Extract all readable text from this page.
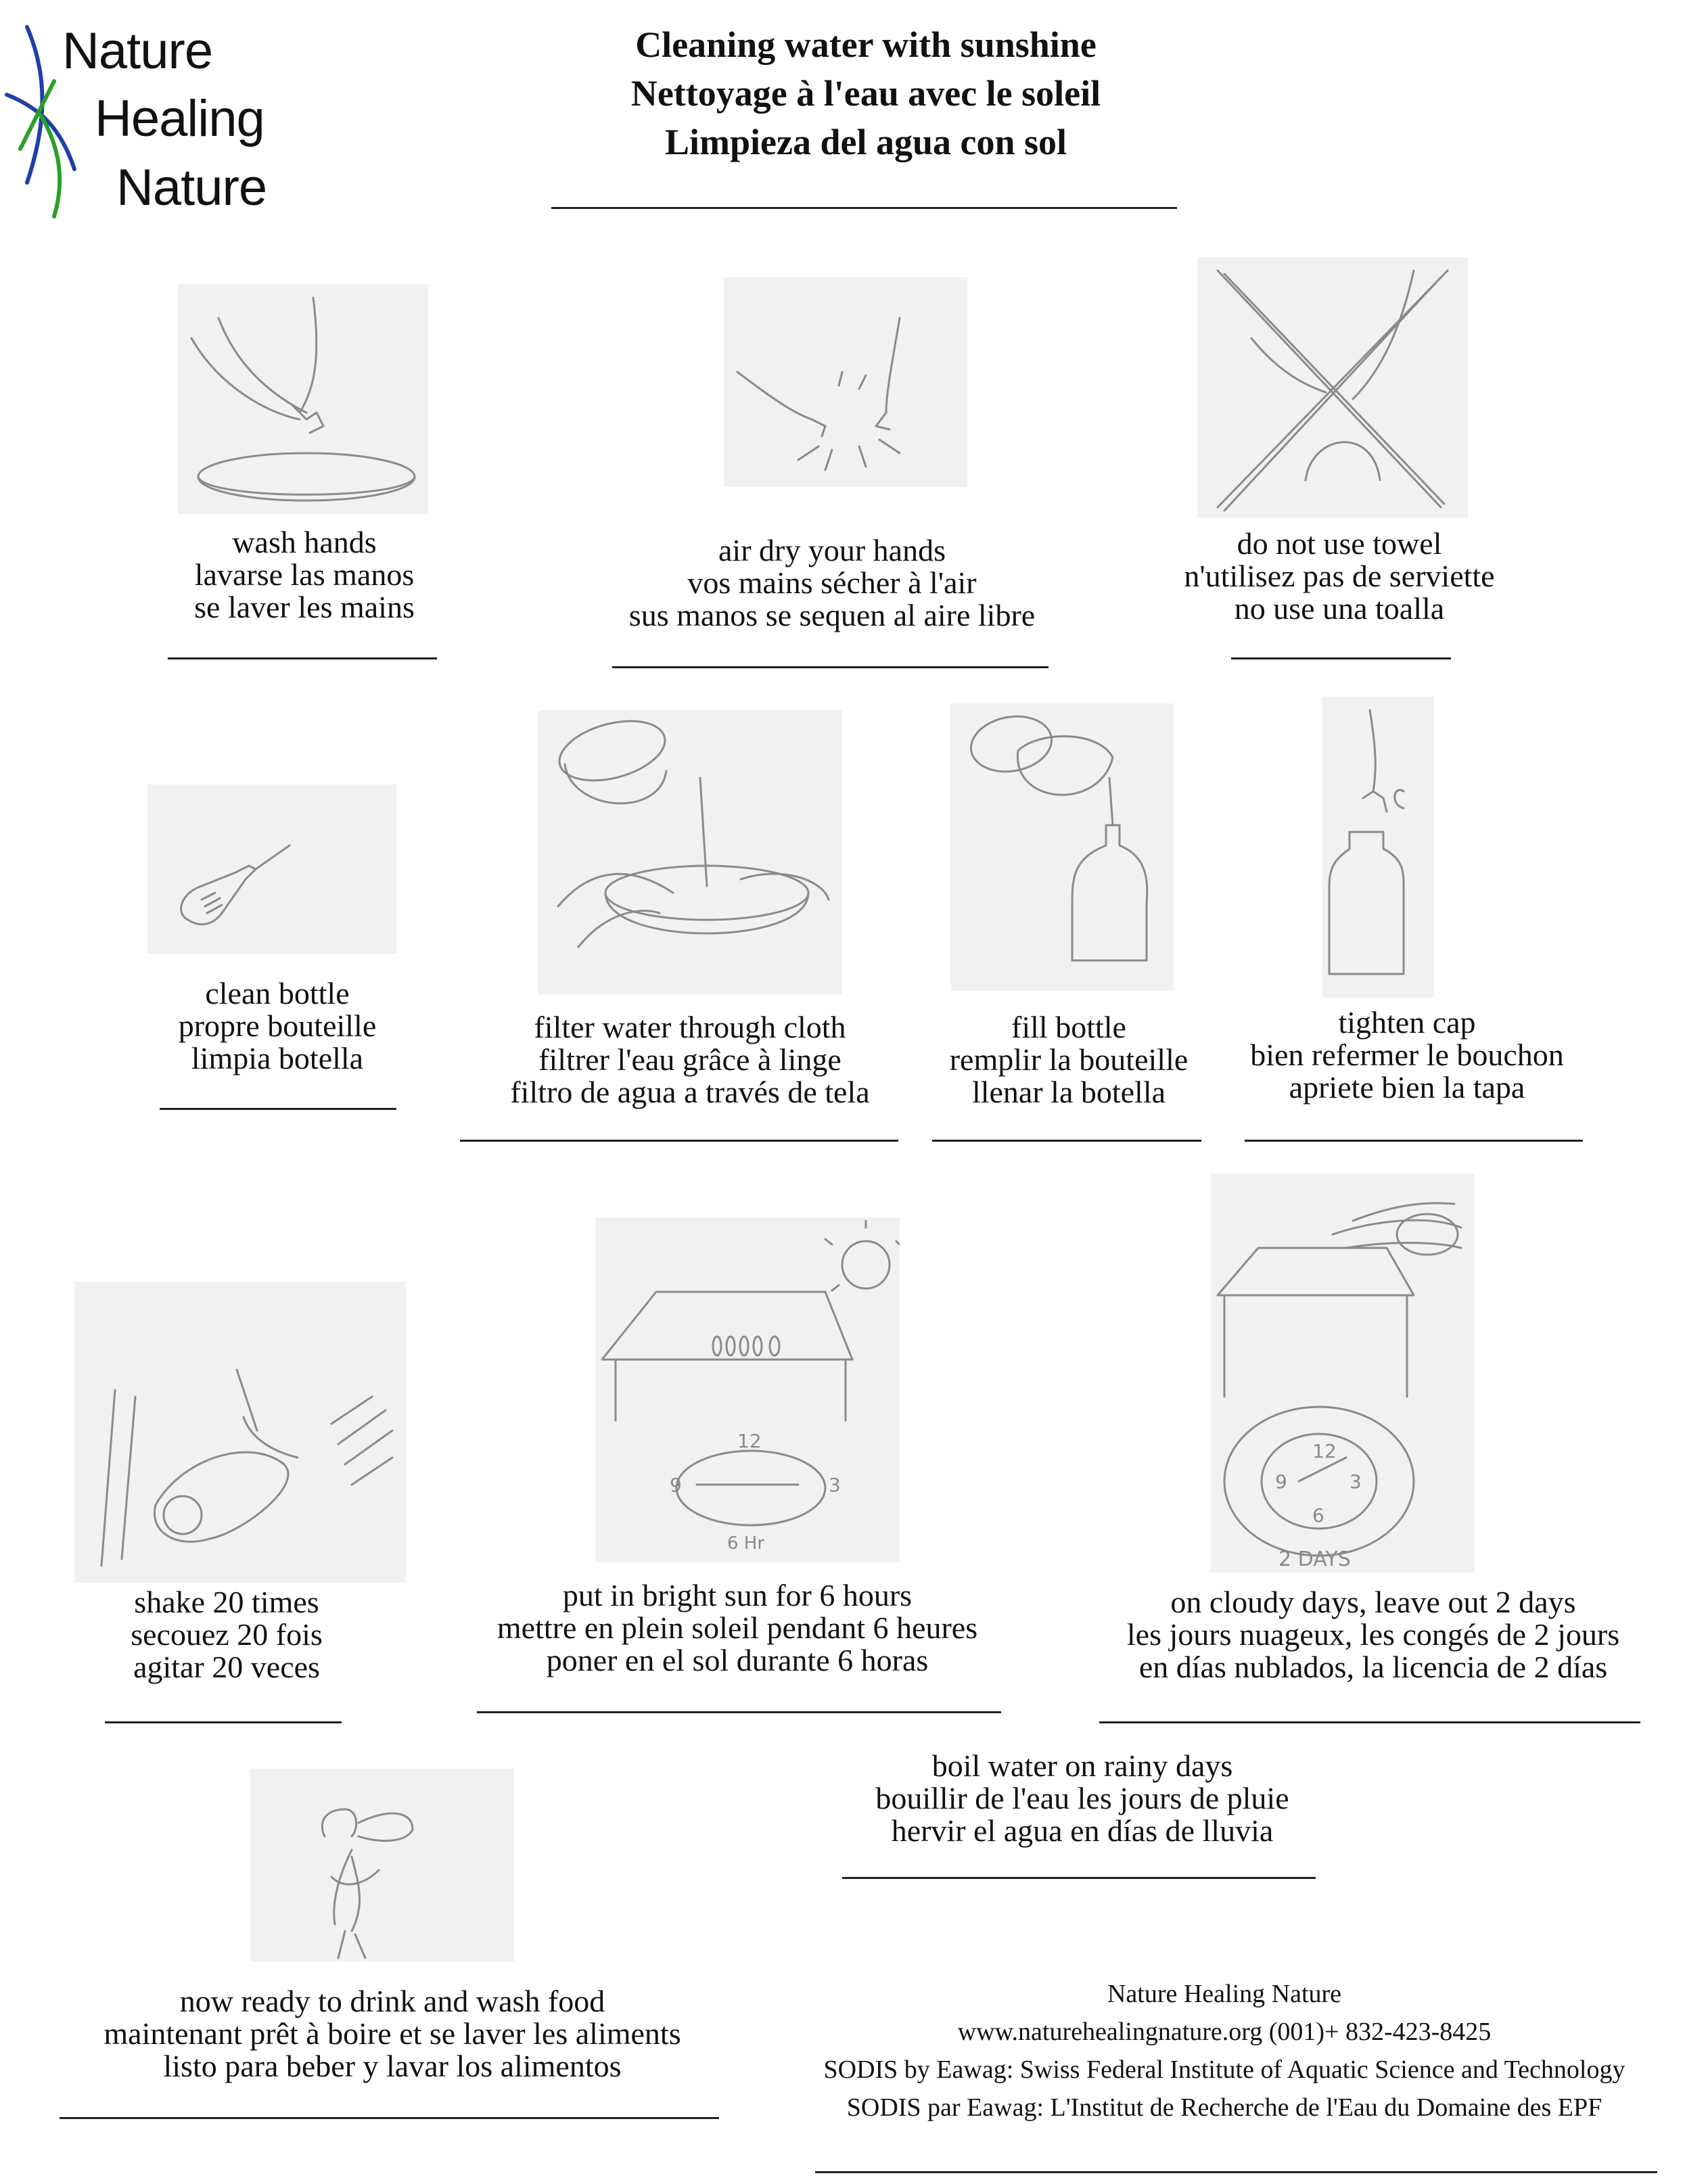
Nature
Healing
Nature
Cleaning water with sunshine
Nettoyage à l'eau avec le soleil
Limpieza del agua con sol
wash hands
lavarse las manos
se laver les mains
air dry your hands
vos mains sécher à l'air
sus manos se sequen al aire libre
do not use towel
n'utilisez pas de serviette
no use una toalla
clean bottle
propre bouteille
limpia botella
filter water through cloth
filtrer l'eau grâce à linge
filtro de agua a través de tela
fill bottle
remplir la bouteille
llenar la botella
tighten cap
bien refermer le bouchon
apriete bien la tapa
shake 20 times
secouez 20 fois
agitar 20 veces
12
9	3
6 Hr
put in bright sun for 6 hours
mettre en plein soleil pendant 6 heures
poner en el sol durante 6 horas
12
9	3
6
2 DAYS
on cloudy days, leave out 2 days
les jours nuageux, les congés de 2 jours
en días nublados, la licencia de 2 días
boil water on rainy days
bouillir de l'eau les jours de pluie
hervir el agua en días de lluvia
now ready to drink and wash food
maintenant prêt à boire et se laver les aliments
listo para beber y lavar los alimentos
Nature Healing Nature
www.naturehealingnature.org (001)+ 832-423-8425
SODIS by Eawag: Swiss Federal Institute of Aquatic Science and Technology
SODIS par Eawag: L'Institut de Recherche de l'Eau du Domaine des EPF
